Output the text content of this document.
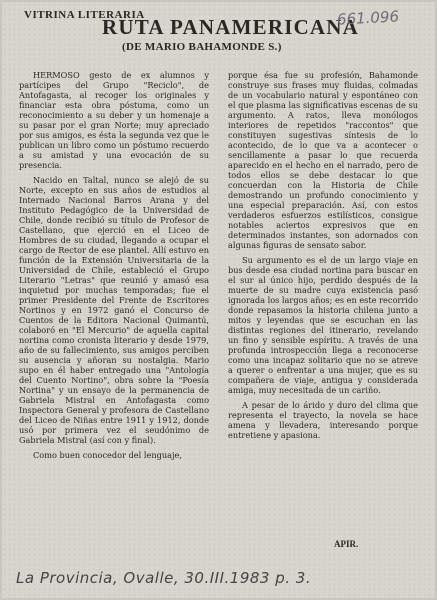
VITRINA LITERARIA
RUTA PANAMERICANA
(DE MARIO BAHAMONDE S.)
661.096

HERMOSO gesto de ex alumnos y partícipes del Grupo "Reciclo", de Antofagasta, al recoger los originales y financiar esta obra póstuma, como un reconocimiento a su deber y un homenaje a su pasar por el gran Norte; muy apreciado por sus amigos, es ésta la segunda vez que le publican un libro como un póstumo recuerdo a su amistad y una evocación de su presencia.

Nacido en Taltal, nunco se alejó de su Norte, excepto en sus años de estudios al Internado Nacional Barros Arana y del Instituto Pedagógico de la Universidad de Chile, donde recibió su título de Profesor de Castellano, que ejerció en el Liceo de Hombres de su ciudad, llegando a ocupar el cargo de Rector de ese plantel. Allí estuvo en función de la Extensión Universitaria de la Universidad de Chile, estableció el Grupo Literario "Letras" que reunió y amasó esa inquietud por muchas temporadas; fue el primer Presidente del Frente de Escritores Nortinos y en 1972 ganó el Concurso de Cuentos de la Editora Nacional Quimantú, colaboró en "El Mercurio" de aquella capital nortina como cronista literario y desde 1979, año de su fallecimiento, sus amigos perciben su ausencia y añoran su nostalgia. Mario supo en él haber entregado una "Antología del Cuento Nortino", obra sobre la "Poesía Nortina" y un ensayo de la permanencia de Gabriela Mistral en Antofagasta como Inspectora General y profesora de Castellano del Liceo de Niñas entre 1911 y 1912, donde usó por primera vez el seudónimo de Gabriela Mistral (así con y final).

Como buen conocedor del lenguaje,

porque ésa fue su profesión, Bahamonde construye sus frases muy fluidas, colmadas de un vocabulario natural y espontáneo con el que plasma las significativas escenas de su argumento. A ratos, lleva monólogos interiores de repetidos "raccontos" que constituyen sugestivas síntesis de lo acontecido, de lo que va a acontecer o sencillamente a pasar lo que recuerda aparecido en el hecho en el narrado, pero de todos ellos se debe destacar lo que concuerdan con la Historia de Chile demostrando un profundo conocimiento y una especial preparación. Así, con estos verdaderos esfuerzos estilísticos, consigue notables aciertos expresivos que en determinados instantes, son adornados con algunas figuras de sensato sabor.

Su argumento es el de un largo viaje en bus desde esa ciudad nortina para buscar en el sur al único hijo, perdido después de la muerte de su madre cuya existencia pasó ignorada los largos años; es en este recorrido donde repasamos la historia chilena junto a mitos y leyendas que se escuchan en las distintas regiones del itinerario, revelando un fino y sensible espíritu. A través de una profunda introspección llega a reconocerse como una incapaz solitario que no se atreve a querer o enfrentar a una mujer, que es su compañera de viaje, antigua y considerada amiga, muy necesitada de un cariño.

A pesar de lo árido y duro del clima que representa el trayecto, la novela se hace amena y llevadera, interesando porque entretiene y apasiona.

APIR.
La Provincia, Ovalle, 30.III.1983 p. 3.
